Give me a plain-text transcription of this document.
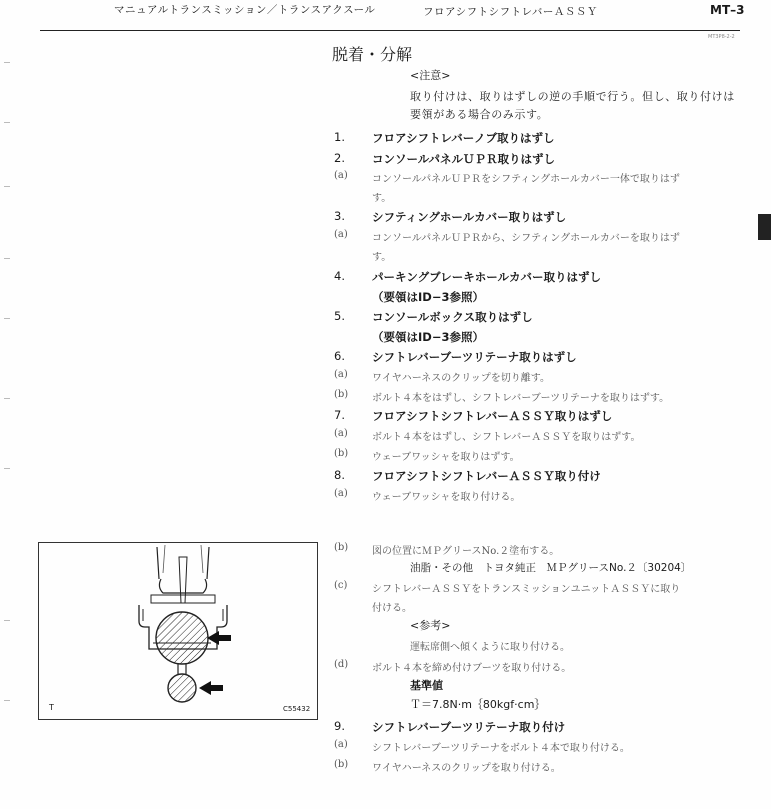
マニュアルトランスミッション／トランスアクスール	フロアシフトシフトレバーＡＳＳＹ	MT–3
MT3P8-2-2
脱着・分解
<注意>
取り付けは、取りはずしの逆の手順で行う。但し、取り付けは
要領がある場合のみ示す。
1. フロアシフトレバーノブ取りはずし
2. コンソールパネルＵＰＲ取りはずし
(a) コンソールパネルＵＰＲをシフティングホールカバー一体で取りはず
す。
3. シフティングホールカバー取りはずし
(a) コンソールパネルＵＰＲから、シフティングホールカバーを取りはず
す。
4. パーキングブレーキホールカバー取りはずし
（要領はID−3参照）
5. コンソールボックス取りはずし
（要領はID−3参照）
6. シフトレバーブーツリテーナ取りはずし
(a) ワイヤハーネスのクリップを切り離す。
(b) ボルト４本をはずし、シフトレバーブーツリテーナを取りはずす。
7. フロアシフトシフトレバーＡＳＳＹ取りはずし
(a) ボルト４本をはずし、シフトレバーＡＳＳＹを取りはずす。
(b) ウェーブワッシャを取りはずす。
8. フロアシフトシフトレバーＡＳＳＹ取り付け
(a) ウェーブワッシャを取り付ける。
(b) 図の位置にＭＰグリースNo.２塗布する。
油脂・その他　トヨタ純正　ＭＰグリースNo.２〔30204〕
(c) シフトレバーＡＳＳＹをトランスミッションユニットＡＳＳＹに取り
付ける。
<参考>
運転席側へ傾くように取り付ける。
(d) ボルト４本を締め付けブーツを取り付ける。
基準値
Ｔ＝7.8N·m｛80kgf·cm｝
9. シフトレバーブーツリテーナ取り付け
(a) シフトレバーブーツリテーナをボルト４本で取り付ける。
(b) ワイヤハーネスのクリップを取り付ける。
T	C55432
